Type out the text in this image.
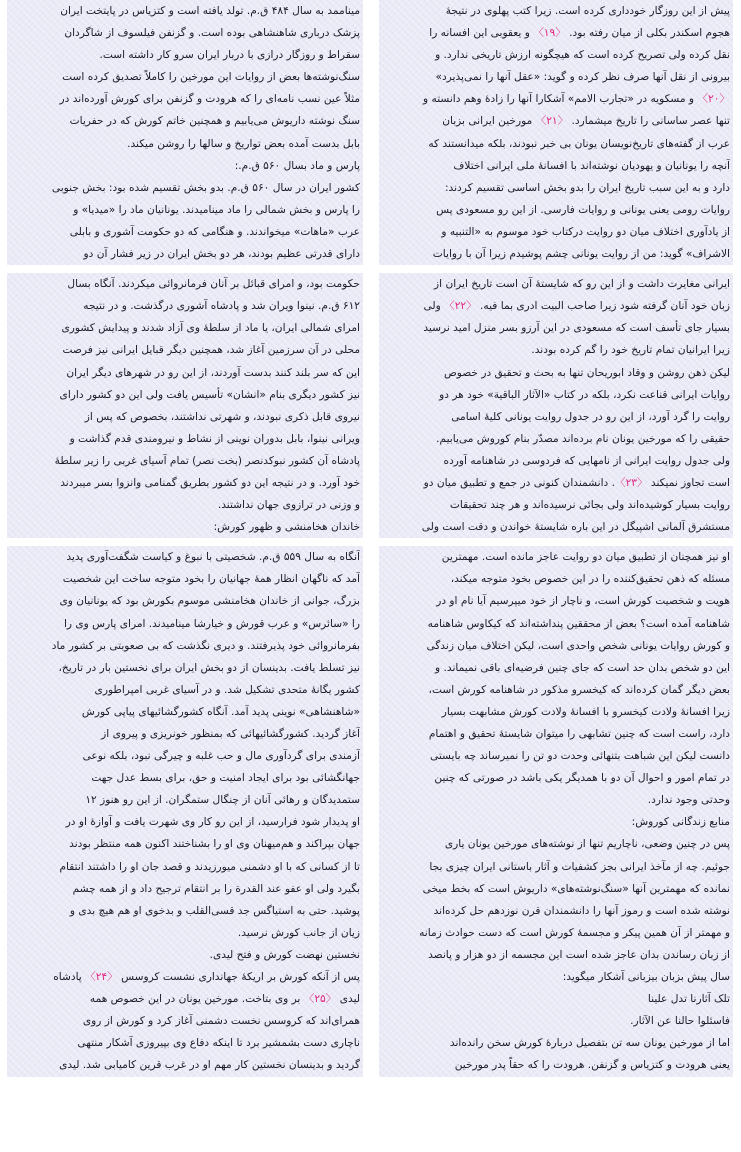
پیش از این روزگار خودداری کرده است. زیرا کتب پهلوی در نتیجهٔ
هجوم اسکندر بکلی از میان رفته بود. 〈۱۹〉 و یعقوبی این افسانه را
نقل کرده ولی تصریح کرده است که هیچگونه ارزش تاریخی ندارد. و
بیرونی از نقل آنها صرف نظر کرده و گوید: «عقل آنها را نمی‌پذیرد»
〈۲۰〉 و مسکویه در «تجارب الامم» آشکارا آنها را زادهٔ وهم دانسته و
تنها عصر ساسانی را تاریخ میشمارد. 〈۲۱〉 مورخین ایرانی بزبان
عرب از گفته‌های تاریخ‌نویسان یونان بی خبر نبودند، بلکه میدانستند که
آنچه را یونانیان و یهودیان نوشته‌اند با افسانهٔ ملی ایرانی اختلاف
دارد و به این سبب تاریخ ایران را بدو بخش اساسی تقسیم کردند:
روایات رومی یعنی یونانی و روایات فارسی. از این رو مسعودی پس
از یادآوری اختلاف میان دو روایت درکتاب خود موسوم به «التنبیه و
الاشراف» گوید: من از روایت یونانی چشم پوشیدم زیرا آن با روایات
ایرانی مغایرت داشت و از این رو که شایستهٔ آن است تاریخ ایران از
زبان خود آنان گرفته شود زیرا صاحب البیت ادری بما فیه. 〈۲۲〉 ولی
بسیار جای تأسف است که مسعودی در این آرزو بسر منزل امید نرسید
زیرا ایرانیان تمام تاریخ خود را گم کرده بودند.
لیکن ذهن روشن و وقاد ابوریحان تنها به بحث و تحقیق در خصوص
روایات ایرانی قناعت نکرد، بلکه در کتاب «الآثار الباقیة» خود هر دو
روایت را گرد آورد، از این رو در جدول روایت یونانی کلیهٔ اسامی
حقیقی را که مورخین یونان نام برده‌اند مصدّر بنام کوروش می‌یابیم.
ولی جدول روایت ایرانی از نامهایی که فردوسی در شاهنامه آورده
است تجاوز نمیکند 〈۲۳〉. دانشمندان کنونی در جمع و تطبیق میان دو
روایت بسیار کوشیده‌اند ولی بجائی نرسیده‌اند و هر چند تحقیقات
مستشرق آلمانی اشپیگل در این باره شایستهٔ خواندن و دقت است ولی
او نیز همچنان از تطبیق میان دو روایت عاجز مانده است. مهمترین
مسئله که ذهن تحقیق‌کننده را در این خصوص بخود متوجه میکند،
هویت و شخصیت کورش است، و ناچار از خود میپرسیم آیا نام او در
شاهنامه آمده است؟ بعض از محققین پنداشته‌اند که کیکاوس شاهنامه
و کورش روایات یونانی شخص واحدی است، لیکن اختلاف میان زندگی
این دو شخص بدان حد است که جای چنین فرضیه‌ای باقی نمیماند. و
بعض دیگر گمان کرده‌اند که کیخسرو مذکور در شاهنامه کورش است،
زیرا افسانهٔ ولادت کیخسرو با افسانهٔ ولادت کورش مشابهت بسیار
دارد، راست است که چنین تشابهی را میتوان شایستهٔ تحقیق و اهتمام
دانست لیکن این شباهت بتنهائی وحدت دو تن را نمیرساند چه بایستی
در تمام امور و احوال آن دو با همدیگر یکی باشد در صورتی که چنین
وحدتی وجود ندارد.
منابع زندگانی کوروش:
پس در چنین وضعی، ناچاریم تنها از نوشته‌های مورخین یونان یاری
جوئیم. چه از مآخذ ایرانی بجز کشفیات و آثار باستانی ایران چیزی بجا
نمانده که مهمترین آنها «سنگ‌نوشته‌های» داریوش است که بخط میخی
نوشته شده است و رموز آنها را دانشمندان قرن نوزدهم حل کرده‌اند
و مهمتر از آن همین پیکر و مجسمهٔ کورش است که دست حوادث زمانه
از زبان رساندن بدان عاجز شده است این مجسمه از دو هزار و پانصد
سال پیش بزبان بیزبانی آشکار میگوید:
تلک آثارنا تدل علینا
فاسئلوا حالنا عن الآثار.
اما از مورخین یونان سه تن بتفصیل دربارهٔ کورش سخن رانده‌اند
یعنی هرودت و کتزیاس و گزنفن. هرودت را که حقاً پدر مورخین
میناممد به سال ۴۸۴ ق.م. تولد یافته است و کتزیاس در پایتخت ایران
پزشک درباری شاهنشاهی بوده است. و گزنفن فیلسوف از شاگردان
سقراط و روزگار درازی با دربار ایران سرو کار داشته است.
سنگ‌نوشته‌ها بعض از روایات این مورخین را کاملاً تصدیق کرده است
مثلاً عین نسب نامه‌ای را که هرودت و گزنفن برای کورش آورده‌اند در
سنگ نوشته داریوش می‌یابیم و همچنین خاتم کورش که در حفریات
بابل بدست آمده بعض تواریخ و سالها را روشن میکند.
پارس و ماد بسال ۵۶۰ ق.م.:
کشور ایران در سال ۵۶۰ ق.م. بدو بخش تقسیم شده بود: بخش جنوبی
را پارس و بخش شمالی را ماد میناميدند. یونانیان ماد را «میدیا» و
عرب «ماهات» میخواندند. و هنگامی که دو حکومت آشوری و بابلی
دارای قدرتی عظیم بودند، هر دو بخش ایران در زیر فشار آن دو
حکومت بود، و امرای قبائل بر آنان فرمانروائی میکردند. آنگاه بسال
۶۱۲ ق.م. نینوا ویران شد و پادشاه آشوری درگذشت. و در نتیجه
امرای شمالی ایران، یا ماد از سلطهٔ وی آزاد شدند و پیدایش کشوری
محلی در آن سرزمین آغاز شد، همچنین دیگر قبایل ایرانی نیز فرصت
این که سر بلند کنند بدست آوردند، از این رو در شهرهای دیگر ایران
نیز کشور دیگری بنام «انشان» تأسیس یافت ولی این دو کشور دارای
نیروی قابل ذکری نبودند، و شهرتی نداشتند، بخصوص که پس از
ویرانی نینوا، بابل بدوران نوینی از نشاط و نیرومندی قدم گذاشت و
پادشاه آن کشور نبوکدنصر (بخت نصر) تمام آسیای غربی را زیر سلطهٔ
خود آورد. و در نتیجه این دو کشور بطریق گمنامی وانزوا بسر میبردند
و وزنی در ترازوی جهان نداشتند.
خاندان هخامنشی و ظهور کورش:
آنگاه به سال ۵۵۹ ق.م. شخصیتی با نبوغ و کیاست شگفت‌آوری پدید
آمد که ناگهان انظار همهٔ جهانیان را بخود متوجه ساخت این شخصیت
بزرگ، جوانی از خاندان هخامنشی موسوم بکورش بود که یونانیان وی
را «سائرس» و عرب قورش و خیارشا مینامیدند. امرای پارس وی را
بفرمانروائی خود پذیرفتند. و دیری نگذشت که بی صعوبتی بر کشور ماد
نیز تسلط یافت. بدینسان از دو بخش ایران برای نخستین بار در تاریخ،
کشور یگانهٔ متحدی تشکیل شد. و در آسیای غربی امپراطوری
«شاهنشاهی» نوینی پدید آمد. آنگاه کشورگشائیهای پیاپی کورش
آغاز گردید. کشورگشائیهائی که بمنظور خونریزی و پیروی از
آزمندی برای گردآوری مال و حب غلبه و چیرگی نبود، بلکه نوعی
جهانگشائی بود برای ایجاد امنیت و حق، برای بسط عدل جهت
ستمدیدگان و رهائی آنان از چنگال ستمگران. از این رو هنوز ۱۲
او پدیدار شود فرارسید، از این رو کار وی شهرت یافت و آوازهٔ او در
جهان بپراکند و هم‌میهنان وی او را بشناختند اکنون همه منتظر بودند
تا از کسانی که با او دشمنی میورزیدند و قصد جان او را داشتند انتقام
بگیرد ولی او عفو عند القدرة را بر انتقام ترجیح داد و از همه چشم
پوشید. حتی به استیاگس جد قسی‌القلب و بدخوی او هم هیچ بدی و
زیان از جانب کورش نرسید.
نخستین نهضت کورش و فتح لیدی.
پس از آنکه کورش بر اریکهٔ جهانداری نشست کروسس 〈۲۴〉 پادشاه
لیدی 〈۲۵〉 بر وی بتاخت. مورخین یونان در این خصوص همه
همرای‌اند که کروسس نخست دشمنی آغاز کرد و کورش از روی
ناچاری دست بشمشیر برد تا اینکه دفاع وی بپیروزی آشکار منتهی
گردید و بدینسان نخستین کار مهم او در غرب قرین کامیابی شد. لیدی
